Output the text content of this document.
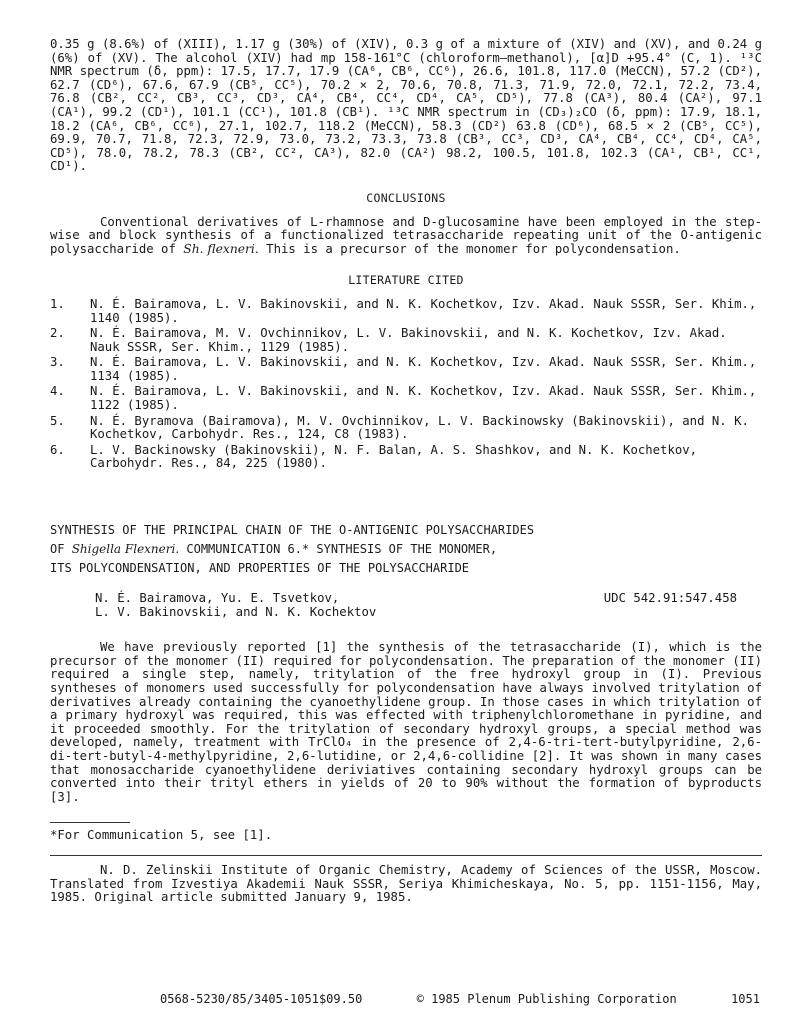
0.35 g (8.6%) of (XIII), 1.17 g (30%) of (XIV), 0.3 g of a mixture of (XIV) and (XV), and 0.24 g (6%) of (XV). The alcohol (XIV) had mp 158-161°C (chloroform—methanol), [α]D +95.4° (C, 1). ¹³C NMR spectrum (δ, ppm): 17.5, 17.7, 17.9 (CA⁶, CB⁶, CC⁶), 26.6, 101.8, 117.0 (MeCCN), 57.2 (CD²), 62.7 (CD⁶), 67.6, 67.9 (CB⁵, CC⁵), 70.2 × 2, 70.6, 70.8, 71.3, 71.9, 72.0, 72.1, 72.2, 73.4, 76.8 (CB², CC², CB³, CC³, CD³, CA⁴, CB⁴, CC⁴, CD⁴, CA⁵, CD⁵), 77.8 (CA³), 80.4 (CA²), 97.1 (CA¹), 99.2 (CD¹), 101.1 (CC¹), 101.8 (CB¹). ¹³C NMR spectrum in (CD₃)₂CO (δ, ppm): 17.9, 18.1, 18.2 (CA⁶, CB⁶, CC⁶), 27.1, 102.7, 118.2 (MeCCN), 58.3 (CD²) 63.8 (CD⁶), 68.5 × 2 (CB⁵, CC⁵), 69.9, 70.7, 71.8, 72.3, 72.9, 73.0, 73.2, 73.3, 73.8 (CB³, CC³, CD³, CA⁴, CB⁴, CC⁴, CD⁴, CA⁵, CD⁵), 78.0, 78.2, 78.3 (CB², CC², CA³), 82.0 (CA²) 98.2, 100.5, 101.8, 102.3 (CA¹, CB¹, CC¹, CD¹).

CONCLUSIONS

Conventional derivatives of L-rhamnose and D-glucosamine have been employed in the step-wise and block synthesis of a functionalized tetrasaccharide repeating unit of the O-antigenic polysaccharide of Sh. flexneri. This is a precursor of the monomer for polycondensation.

LITERATURE CITED
1.	N. É. Bairamova, L. V. Bakinovskii, and N. K. Kochetkov, Izv. Akad. Nauk SSSR, Ser. Khim., 1140 (1985).
2.	N. É. Bairamova, M. V. Ovchinnikov, L. V. Bakinovskii, and N. K. Kochetkov, Izv. Akad. Nauk SSSR, Ser. Khim., 1129 (1985).
3.	N. É. Bairamova, L. V. Bakinovskii, and N. K. Kochetkov, Izv. Akad. Nauk SSSR, Ser. Khim., 1134 (1985).
4.	N. É. Bairamova, L. V. Bakinovskii, and N. K. Kochetkov, Izv. Akad. Nauk SSSR, Ser. Khim., 1122 (1985).
5.	N. É. Byramova (Bairamova), M. V. Ovchinnikov, L. V. Backinowsky (Bakinovskii), and N. K. Kochetkov, Carbohydr. Res., 124, C8 (1983).
6.	L. V. Backinowsky (Bakinovskii), N. F. Balan, A. S. Shashkov, and N. K. Kochetkov, Carbohydr. Res., 84, 225 (1980).
SYNTHESIS OF THE PRINCIPAL CHAIN OF THE O-ANTIGENIC POLYSACCHARIDES
OF Shigella Flexneri. COMMUNICATION 6.* SYNTHESIS OF THE MONOMER,
ITS POLYCONDENSATION, AND PROPERTIES OF THE POLYSACCHARIDE
N. É. Bairamova, Yu. E. Tsvetkov,
L. V. Bakinovskii, and N. K. Kochektov
UDC 542.91:547.458

We have previously reported [1] the synthesis of the tetrasaccharide (I), which is the precursor of the monomer (II) required for polycondensation. The preparation of the monomer (II) required a single step, namely, tritylation of the free hydroxyl group in (I). Previous syntheses of monomers used successfully for polycondensation have always involved tritylation of derivatives already containing the cyanoethylidene group. In those cases in which tritylation of a primary hydroxyl was required, this was effected with triphenylchloromethane in pyridine, and it proceeded smoothly. For the tritylation of secondary hydroxyl groups, a special method was developed, namely, treatment with TrClO₄ in the presence of 2,4-6-tri-tert-butylpyridine, 2,6-di-tert-butyl-4-methylpyridine, 2,6-lutidine, or 2,4,6-collidine [2]. It was shown in many cases that monosaccharide cyanoethylidene deriviatives containing secondary hydroxyl groups can be converted into their trityl ethers in yields of 20 to 90% without the formation of byproducts [3].

*For Communication 5, see [1].

N. D. Zelinskii Institute of Organic Chemistry, Academy of Sciences of the USSR, Moscow. Translated from Izvestiya Akademii Nauk SSSR, Seriya Khimicheskaya, No. 5, pp. 1151-1156, May, 1985. Original article submitted January 9, 1985.

0568-5230/85/3405-1051$09.50	© 1985 Plenum Publishing Corporation	1051
